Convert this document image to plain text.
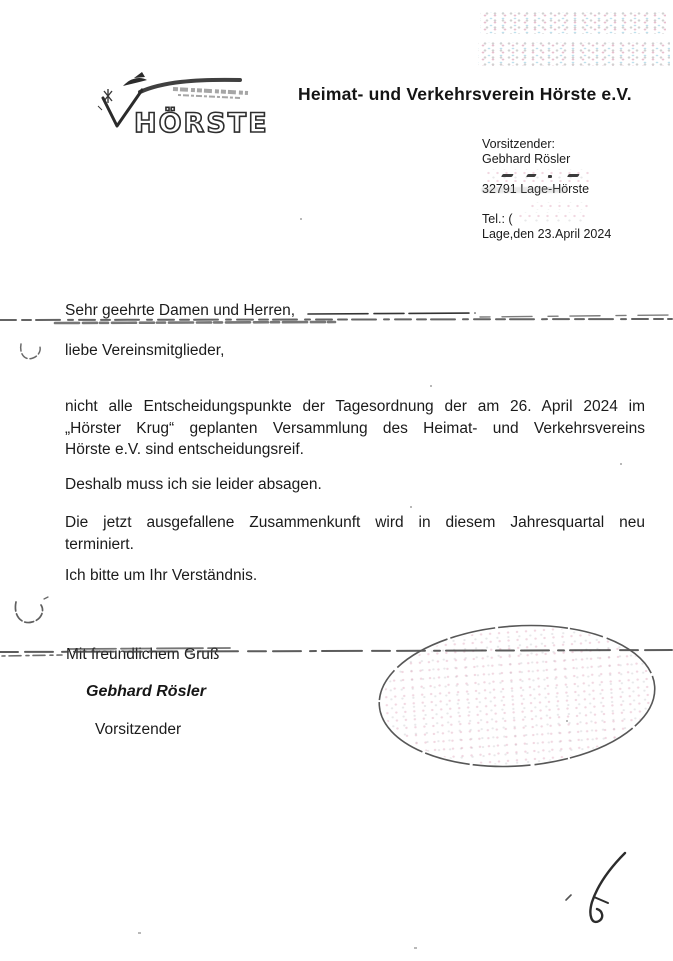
HÖRSTE
Heimat- und Verkehrsverein Hörste e.V.
Vorsitzender:
Gebhard Rösler
32791 Lage-Hörste
Tel.: (
Lage,den 23.April 2024
Sehr geehrte Damen und Herren,
liebe Vereinsmitglieder,
nicht alle Entscheidungspunkte der Tagesordnung der am 26. April 2024 im
„Hörster Krug“ geplanten Versammlung des Heimat- und Verkehrsvereins
Hörste e.V. sind entscheidungsreif.
Deshalb muss ich sie leider absagen.
Die jetzt ausgefallene Zusammenkunft wird in diesem Jahresquartal neu
terminiert.
Ich bitte um Ihr Verständnis.
Mit freundlichem Gruß
Gebhard Rösler
Vorsitzender
